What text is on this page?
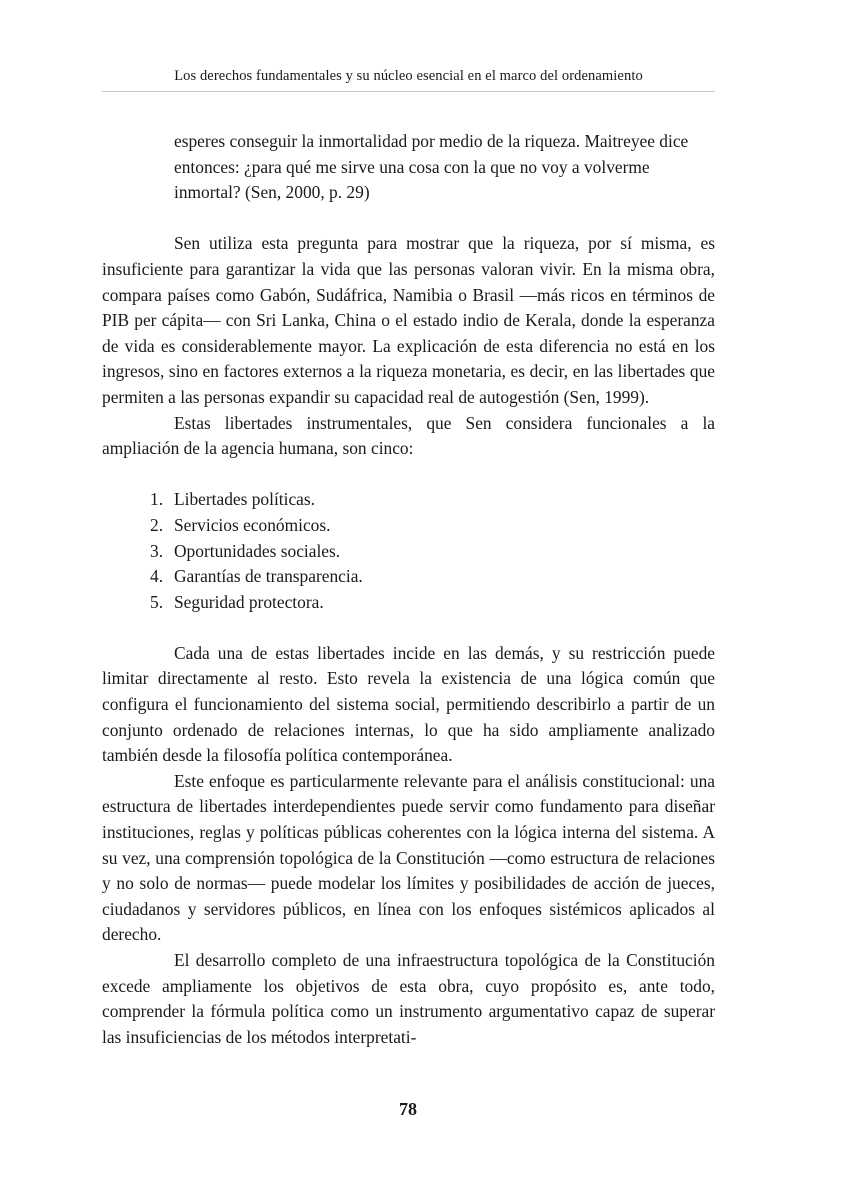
Los derechos fundamentales y su núcleo esencial en el marco del ordenamiento

esperes conseguir la inmortalidad por medio de la riqueza. Maitreyee dice entonces: ¿para qué me sirve una cosa con la que no voy a volverme inmortal? (Sen, 2000, p. 29)

Sen utiliza esta pregunta para mostrar que la riqueza, por sí misma, es insuficiente para garantizar la vida que las personas valoran vivir. En la misma obra, compara países como Gabón, Sudáfrica, Namibia o Brasil —más ricos en términos de PIB per cápita— con Sri Lanka, China o el estado indio de Kerala, donde la esperanza de vida es considerablemente mayor. La explicación de esta diferencia no está en los ingresos, sino en factores externos a la riqueza monetaria, es decir, en las libertades que permiten a las personas expandir su capacidad real de autogestión (Sen, 1999).

Estas libertades instrumentales, que Sen considera funcionales a la ampliación de la agencia humana, son cinco:

1. Libertades políticas.
2. Servicios económicos.
3. Oportunidades sociales.
4. Garantías de transparencia.
5. Seguridad protectora.

Cada una de estas libertades incide en las demás, y su restricción puede limitar directamente al resto. Esto revela la existencia de una lógica común que configura el funcionamiento del sistema social, permitiendo describirlo a partir de un conjunto ordenado de relaciones internas, lo que ha sido ampliamente analizado también desde la filosofía política contemporánea.

Este enfoque es particularmente relevante para el análisis constitucional: una estructura de libertades interdependientes puede servir como fundamento para diseñar instituciones, reglas y políticas públicas coherentes con la lógica interna del sistema. A su vez, una comprensión topológica de la Constitución —como estructura de relaciones y no solo de normas— puede modelar los límites y posibilidades de acción de jueces, ciudadanos y servidores públicos, en línea con los enfoques sistémicos aplicados al derecho.

El desarrollo completo de una infraestructura topológica de la Constitución excede ampliamente los objetivos de esta obra, cuyo propósito es, ante todo, comprender la fórmula política como un instrumento argumentativo capaz de superar las insuficiencias de los métodos interpretati-

78
